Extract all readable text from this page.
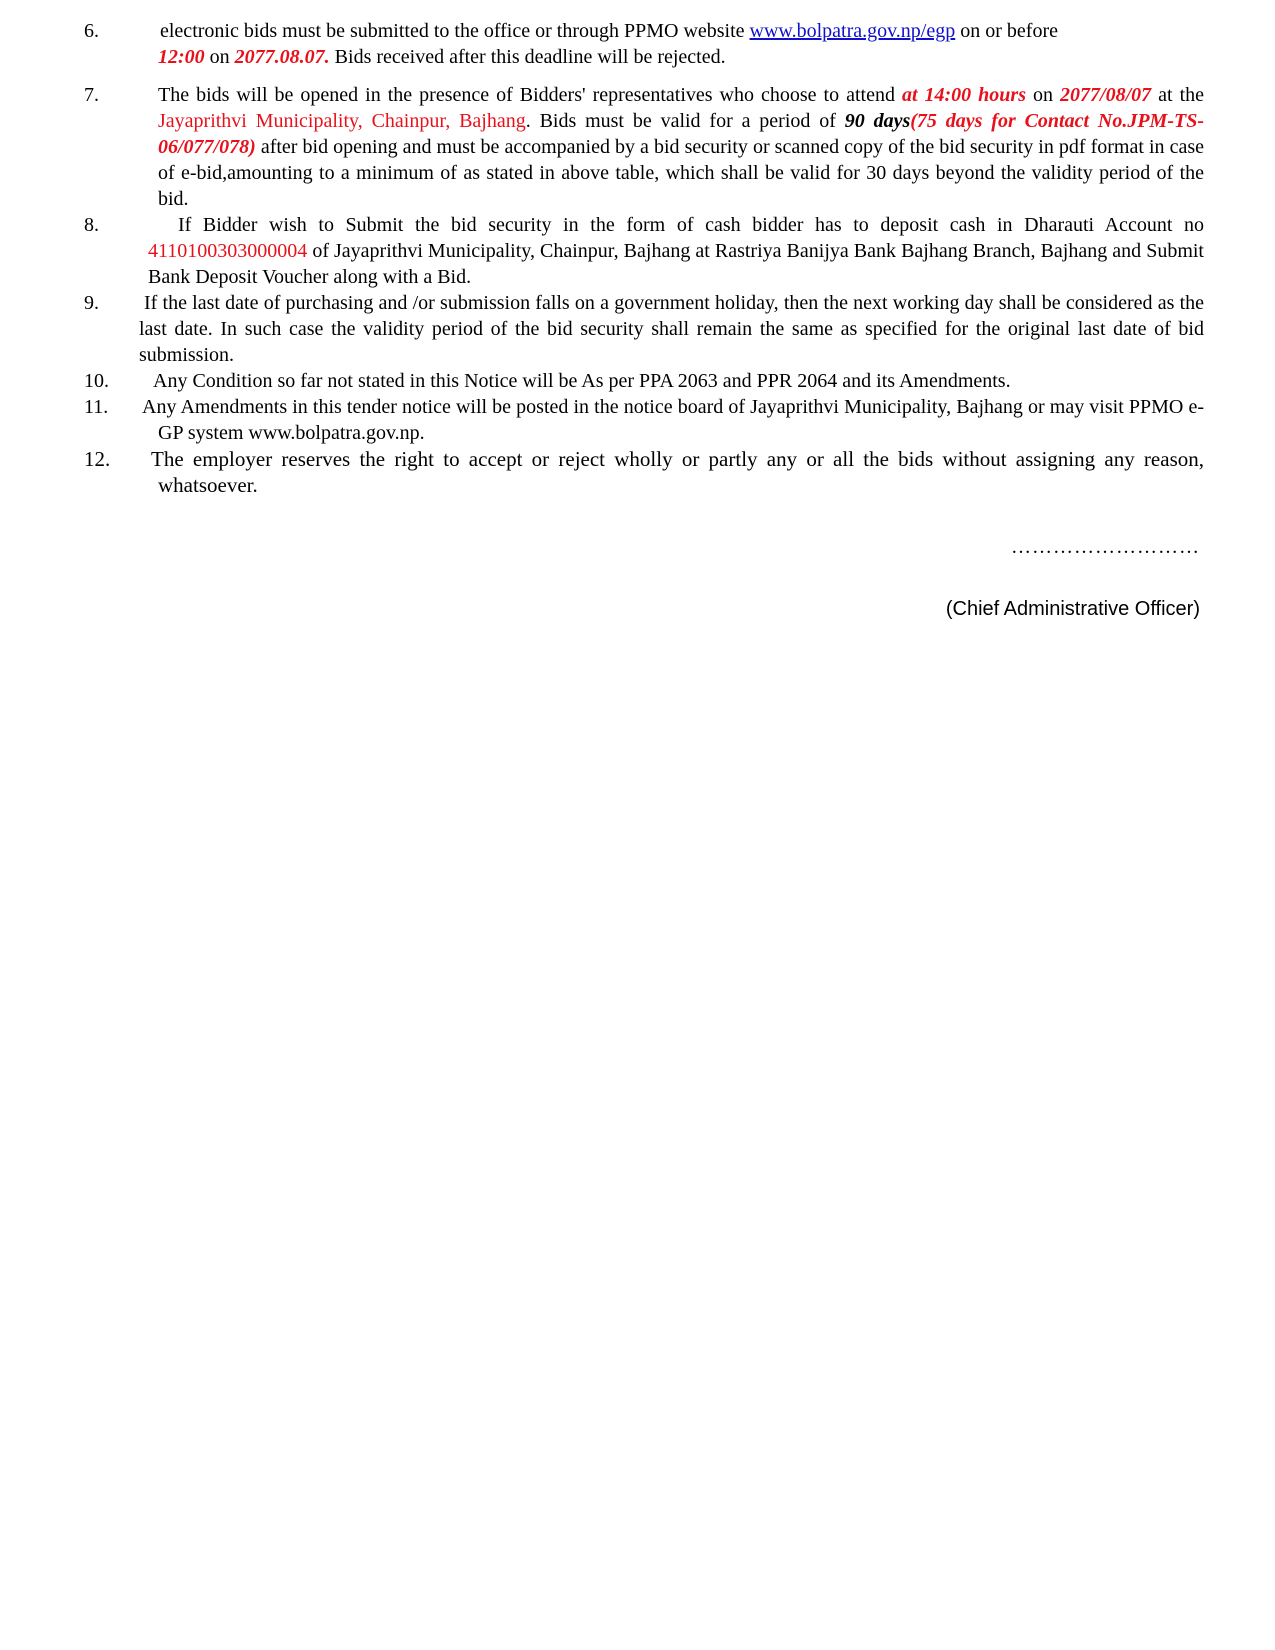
6.	electronic bids must be submitted to the office or through PPMO website www.bolpatra.gov.np/egp on or before
12:00 on 2077.08.07. Bids received after this deadline will be rejected.
7.	The bids will be opened in the presence of Bidders' representatives who choose to attend at 14:00 hours on 2077/08/07 at the Jayaprithvi Municipality, Chainpur, Bajhang. Bids must be valid for a period of 90 days(75 days for Contact No.JPM-TS-06/077/078) after bid opening and must be accompanied by a bid security or scanned copy of the bid security in pdf format in case of e-bid,amounting to a minimum of as stated in above table, which shall be valid for 30 days beyond the validity period of the bid.
8.	If Bidder wish to Submit the bid security in the form of cash bidder has to deposit cash in Dharauti Account no 4110100303000004 of Jayaprithvi Municipality, Chainpur, Bajhang at Rastriya Banijya Bank Bajhang Branch, Bajhang and Submit Bank Deposit Voucher along with a Bid.
9.	If the last date of purchasing and /or submission falls on a government holiday, then the next working day shall be considered as the last date. In such case the validity period of the bid security shall remain the same as specified for the original last date of bid submission.
10.	Any Condition so far not stated in this Notice will be As per PPA 2063 and PPR 2064 and its Amendments.
11.	Any Amendments in this tender notice will be posted in the notice board of Jayaprithvi Municipality, Bajhang or may visit PPMO e-GP system www.bolpatra.gov.np.
12.	The employer reserves the right to accept or reject wholly or partly any or all the bids without assigning any reason, whatsoever.
………………………
(Chief Administrative Officer)
